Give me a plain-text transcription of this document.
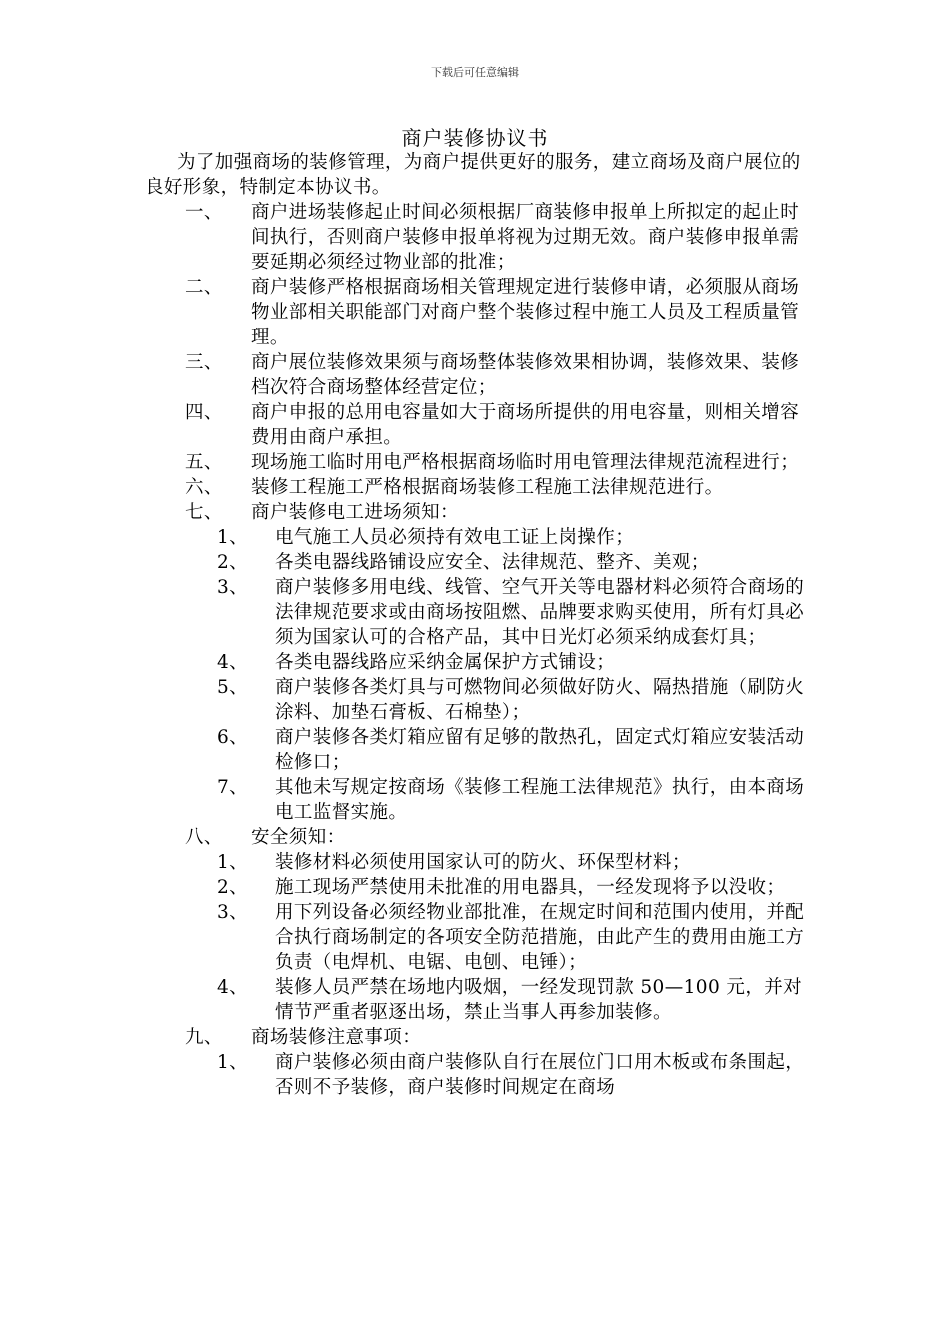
下载后可任意编辑
商户装修协议书

为了加强商场的装修管理，为商户提供更好的服务，建立商场及商户展位的良好形象，特制定本协议书。

一、	商户进场装修起止时间必须根据厂商装修申报单上所拟定的起止时间执行，否则商户装修申报单将视为过期无效。商户装修申报单需要延期必须经过物业部的批准；
二、	商户装修严格根据商场相关管理规定进行装修申请，必须服从商场物业部相关职能部门对商户整个装修过程中施工人员及工程质量管理。
三、	商户展位装修效果须与商场整体装修效果相协调，装修效果、装修档次符合商场整体经营定位；
四、	商户申报的总用电容量如大于商场所提供的用电容量，则相关增容费用由商户承担。
五、	现场施工临时用电严格根据商场临时用电管理法律规范流程进行；
六、	装修工程施工严格根据商场装修工程施工法律规范进行。
七、	商户装修电工进场须知：
1、	电气施工人员必须持有效电工证上岗操作；
2、	各类电器线路铺设应安全、法律规范、整齐、美观；
3、	商户装修多用电线、线管、空气开关等电器材料必须符合商场的法律规范要求或由商场按阻燃、品牌要求购买使用，所有灯具必须为国家认可的合格产品，其中日光灯必须采纳成套灯具；
4、	各类电器线路应采纳金属保护方式铺设；
5、	商户装修各类灯具与可燃物间必须做好防火、隔热措施（刷防火涂料、加垫石膏板、石棉垫）；
6、	商户装修各类灯箱应留有足够的散热孔，固定式灯箱应安装活动检修口；
7、	其他未写规定按商场《装修工程施工法律规范》执行，由本商场电工监督实施。
八、	安全须知：
1、	装修材料必须使用国家认可的防火、环保型材料；
2、	施工现场严禁使用未批准的用电器具，一经发现将予以没收；
3、	用下列设备必须经物业部批准，在规定时间和范围内使用，并配合执行商场制定的各项安全防范措施，由此产生的费用由施工方负责（电焊机、电锯、电刨、电锤）；
4、	装修人员严禁在场地内吸烟，一经发现罚款 50—100 元，并对情节严重者驱逐出场，禁止当事人再参加装修。
九、	商场装修注意事项：
1、	商户装修必须由商户装修队自行在展位门口用木板或布条围起，否则不予装修，商户装修时间规定在商场
